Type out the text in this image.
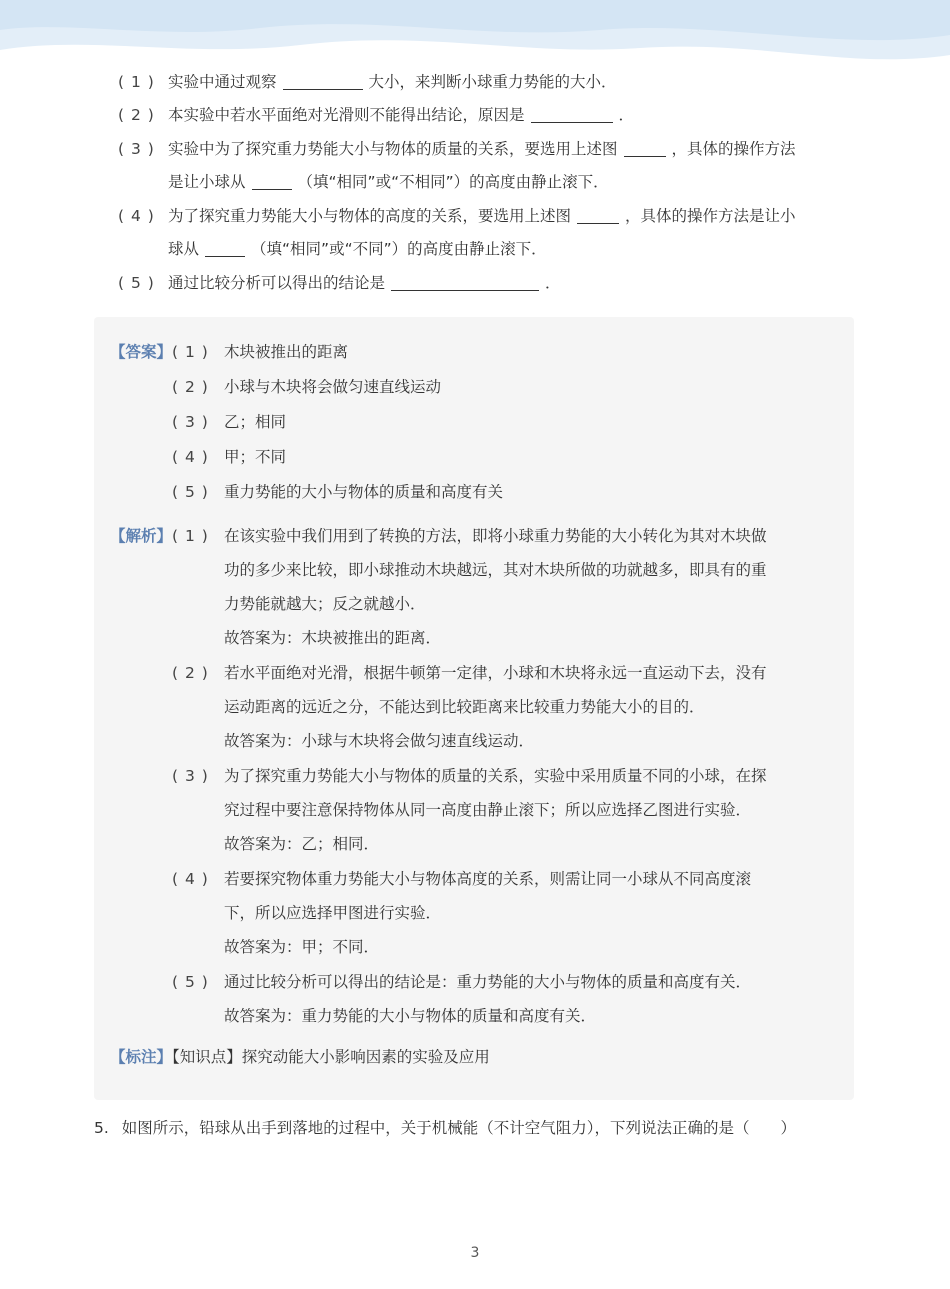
( 1 ) 实验中通过观察	大小，来判断小球重力势能的大小．
( 2 ) 本实验中若水平面绝对光滑则不能得出结论，原因是	．
( 3 ) 实验中为了探究重力势能大小与物体的质量的关系，要选用上述图	，具体的操作方法
是让小球从	（填“相同”或“不相同”）的高度由静止滚下．
( 4 ) 为了探究重力势能大小与物体的高度的关系，要选用上述图	，具体的操作方法是让小
球从	（填“相同”或“不同”）的高度由静止滚下．
( 5 ) 通过比较分析可以得出的结论是	．
【答案】 ( 1 ) 木块被推出的距离
( 2 ) 小球与木块将会做匀速直线运动
( 3 ) 乙；相同
( 4 ) 甲；不同
( 5 ) 重力势能的大小与物体的质量和高度有关
【解析】 ( 1 ) 在该实验中我们用到了转换的方法，即将小球重力势能的大小转化为其对木块做
功的多少来比较，即小球推动木块越远，其对木块所做的功就越多，即具有的重
力势能就越大；反之就越小．
故答案为：木块被推出的距离．
( 2 ) 若水平面绝对光滑，根据牛顿第一定律，小球和木块将永远一直运动下去，没有
运动距离的远近之分，不能达到比较距离来比较重力势能大小的目的．
故答案为：小球与木块将会做匀速直线运动．
( 3 ) 为了探究重力势能大小与物体的质量的关系，实验中采用质量不同的小球，在探
究过程中要注意保持物体从同一高度由静止滚下；所以应选择乙图进行实验．
故答案为：乙；相同．
( 4 ) 若要探究物体重力势能大小与物体高度的关系，则需让同一小球从不同高度滚
下，所以应选择甲图进行实验．
故答案为：甲；不同．
( 5 ) 通过比较分析可以得出的结论是：重力势能的大小与物体的质量和高度有关．
故答案为：重力势能的大小与物体的质量和高度有关．
【标注】【知识点】探究动能大小影响因素的实验及应用
5. 如图所示，铅球从出手到落地的过程中，关于机械能（不计空气阻力），下列说法正确的是（　　）
3
